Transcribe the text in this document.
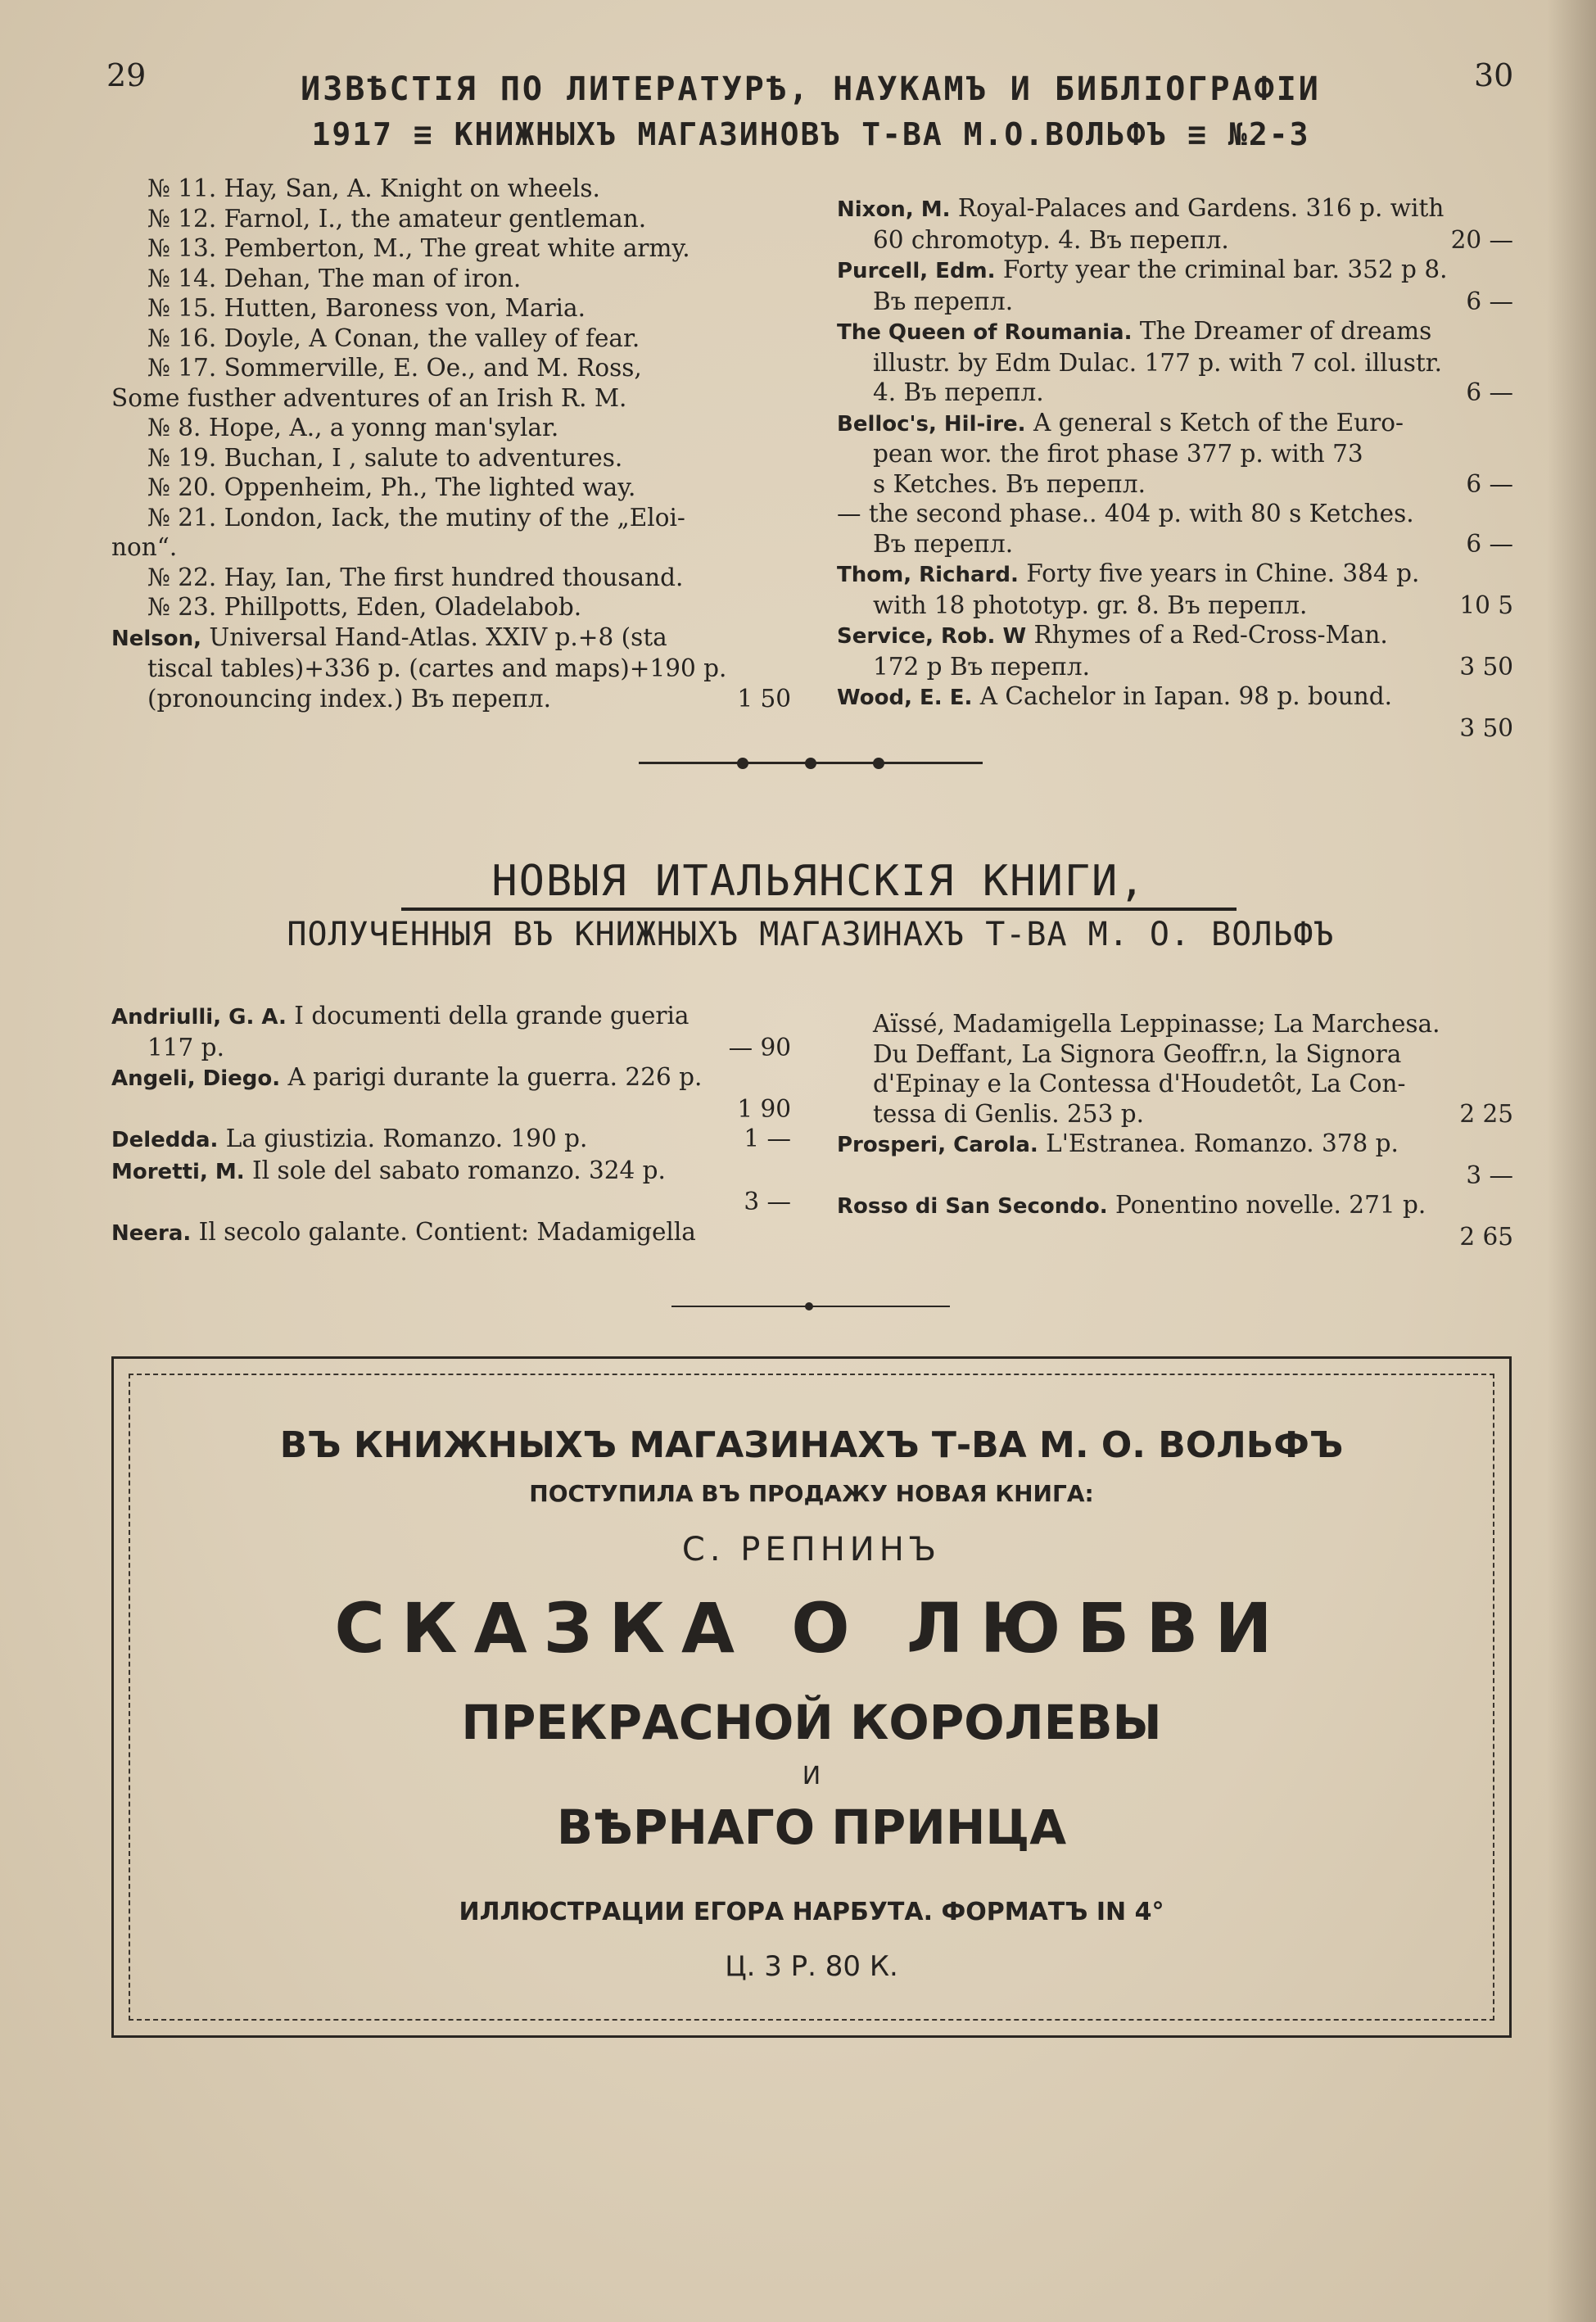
29	30
ИЗВѢСТІЯ ПО ЛИТЕРАТУРѢ, НАУКАМЪ И БИБЛІОГРАФІИ
1917 ≡ КНИЖНЫХЪ МАГАЗИНОВЪ Т-ВА М.О.ВОЛЬФЪ ≡ №2-3
№ 11. Hay, San, A. Knight on wheels.
№ 12. Farnol, I., the amateur gentleman.
№ 13. Pemberton, M., The great white army.
№ 14. Dehan, The man of iron.
№ 15. Hutten, Baroness von, Maria.
№ 16. Doyle, A Conan, the valley of fear.
№ 17. Sommerville, E. Oe., and M. Ross,
Some fusther adventures of an Irish R. M.
№ 8. Hope, A., a yonng man'sylar.
№ 19. Buchan, I , salute to adventures.
№ 20. Oppenheim, Ph., The lighted way.
№ 21. London, Iack, the mutiny of the „Eloi-
non“.
№ 22. Hay, Ian, The first hundred thousand.
№ 23. Phillpotts, Eden, Oladelabob.
Nelson, Universal Hand-Atlas. XXIV p.+8 (sta
tiscal tables)+336 p. (cartes and maps)+190 p.
(pronouncing index.) Въ перепл.	1 50
Nixon, M. Royal-Palaces and Gardens. 316 p. with
60 chromotyp. 4. Въ перепл.	20 —
Purcell, Edm. Forty year the criminal bar. 352 p 8.
Въ перепл.	6 —
The Queen of Roumania. The Dreamer of dreams
illustr. by Edm Dulac. 177 p. with 7 col. illustr.
4. Въ перепл.	6 —
Belloc's, Hil-ire. A general s Ketch of the Euro-
pean wor. the firot phase 377 p. with 73
s Ketches. Въ перепл.	6 —
— the second phase.. 404 p. with 80 s Ketches.
Въ перепл.	6 —
Thom, Richard. Forty five years in Chine. 384 p.
with 18 phototyp. gr. 8. Въ перепл.	10 5
Service, Rob. W Rhymes of a Red-Cross-Man.
172 p Въ перепл.	3 50
Wood, E. E. A Cachelor in Iapan. 98 p. bound.
3 50
НОВЫЯ ИТАЛЬЯНСКІЯ КНИГИ,
ПОЛУЧЕННЫЯ ВЪ КНИЖНЫХЪ МАГАЗИНАХЪ Т-ВА М. О. ВОЛЬФЪ
Andriulli, G. A. I documenti della grande gueria
117 p.	— 90
Angeli, Diego. A parigi durante la guerra. 226 p.
1 90
Deledda. La giustizia. Romanzo. 190 p.	1 —
Moretti, M. Il sole del sabato romanzo. 324 p.
3 —
Neera. Il secolo galante. Contient: Madamigella
Aïssé, Madamigella Leppinasse; La Marchesa.
Du Deffant, La Signora Geoffr.n, la Signora
d'Epinay e la Contessa d'Houdetôt, La Con-
tessa di Genlis. 253 p.	2 25
Prosperi, Carola. L'Estranea. Romanzo. 378 p.
3 —
Rosso di San Secondo. Ponentino novelle. 271 p.
2 65
ВЪ КНИЖНЫХЪ МАГАЗИНАХЪ Т-ВА М. О. ВОЛЬФЪ
ПОСТУПИЛА ВЪ ПРОДАЖУ НОВАЯ КНИГА:
С. РЕПНИНЪ
СКАЗКА О ЛЮБВИ
ПРЕКРАСНОЙ КОРОЛЕВЫ
И
ВѢРНАГО ПРИНЦА
ИЛЛЮСТРАЦИИ ЕГОРА НАРБУТА. ФОРМАТЪ IN 4°
Ц. 3 Р. 80 К.
